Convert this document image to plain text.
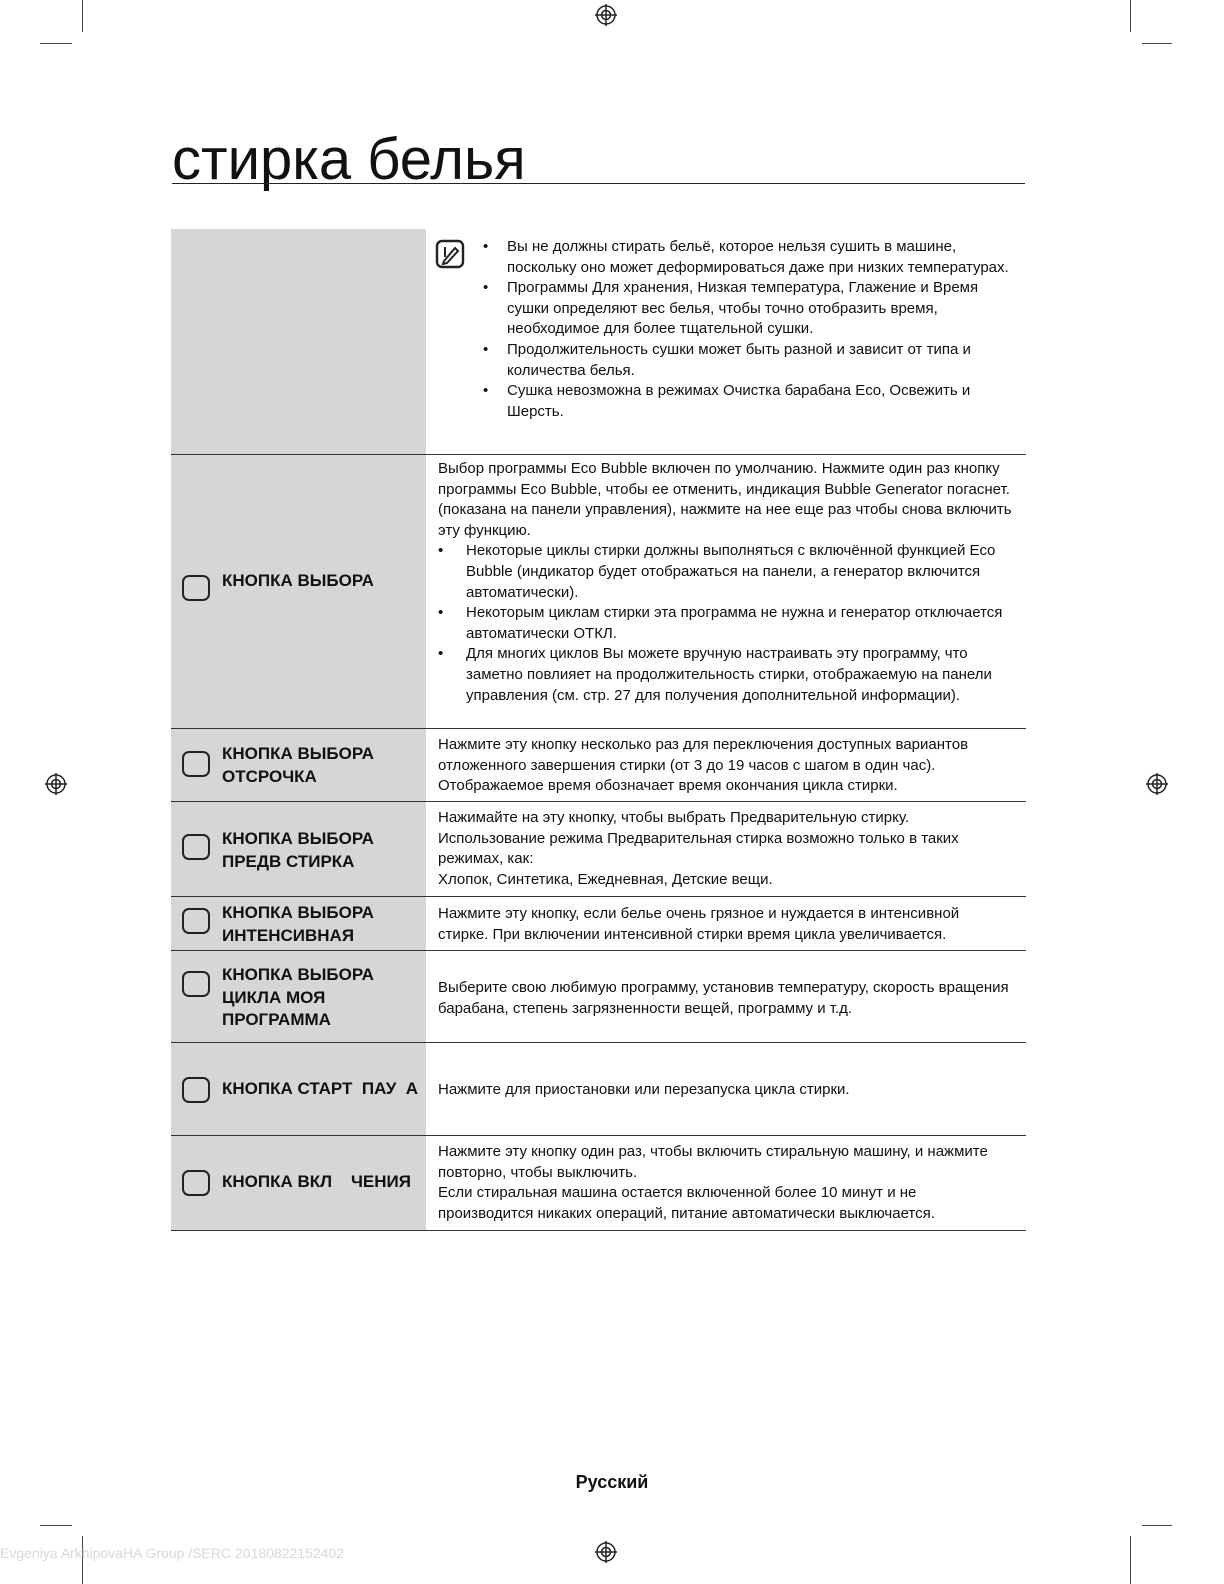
стирка белья
• Вы не должны стирать бельё, которое нельзя сушить в машине, поскольку оно может деформироваться даже при низких температурах.
• Программы Для хранения, Низкая температура, Глажение и Время сушки определяют вес белья, чтобы точно отобразить время, необходимое для более тщательной сушки.
• Продолжительность сушки может быть разной и зависит от типа и количества белья.
• Сушка невозможна в режимах Очистка барабана Eco, Освежить и Шерсть.
КНОПКА ВЫБОРА
Выбор программы Eco Bubble включен по умолчанию. Нажмите один раз кнопку программы Eco Bubble, чтобы ее отменить, индикация Bubble Generator погаснет. (показана на панели управления), нажмите на нее еще раз чтобы снова включить эту функцию.
• Некоторые циклы стирки должны выполняться с включённой функцией Eco Bubble (индикатор будет отображаться на панели, а генератор включится автоматически).
• Некоторым циклам стирки эта программа не нужна и генератор отключается автоматически ОТКЛ.
• Для многих циклов Вы можете вручную настраивать эту программу, что заметно повлияет на продолжительность стирки, отображаемую на панели управления (см. стр. 27 для получения дополнительной информации).
КНОПКА ВЫБОРА
ОТСРОЧКА
Нажмите эту кнопку несколько раз для переключения доступных вариантов отложенного завершения стирки (от 3 до 19 часов с шагом в один час). Отображаемое время обозначает время окончания цикла стирки.
КНОПКА ВЫБОРА
ПРЕДВ СТИРКА
Нажимайте на эту кнопку, чтобы выбрать Предварительную стирку. Использование режима Предварительная стирка возможно только в таких режимах, как:
Хлопок, Синтетика, Ежедневная, Детские вещи.
КНОПКА ВЫБОРА
ИНТЕНСИВНАЯ
Нажмите эту кнопку, если белье очень грязное и нуждается в интенсивной стирке. При включении интенсивной стирки время цикла увеличивается.
КНОПКА ВЫБОРА
ЦИКЛА МОЯ
ПРОГРАММА
Выберите свою любимую программу, установив температуру, скорость вращения барабана, степень загрязненности вещей, программу и т.д.
КНОПКА СТАРТ  ПАУ  А Нажмите для приостановки или перезапуска цикла стирки.
КНОПКА ВКЛ    ЧЕНИЯ
Нажмите эту кнопку один раз, чтобы включить стиральную машину, и нажмите повторно, чтобы выключить.
Если стиральная машина остается включенной более 10 минут и не производится никаких операций, питание автоматически выключается.
Русский
Evgeniya ArkhipovaHA Group /SERC 20180822152402
